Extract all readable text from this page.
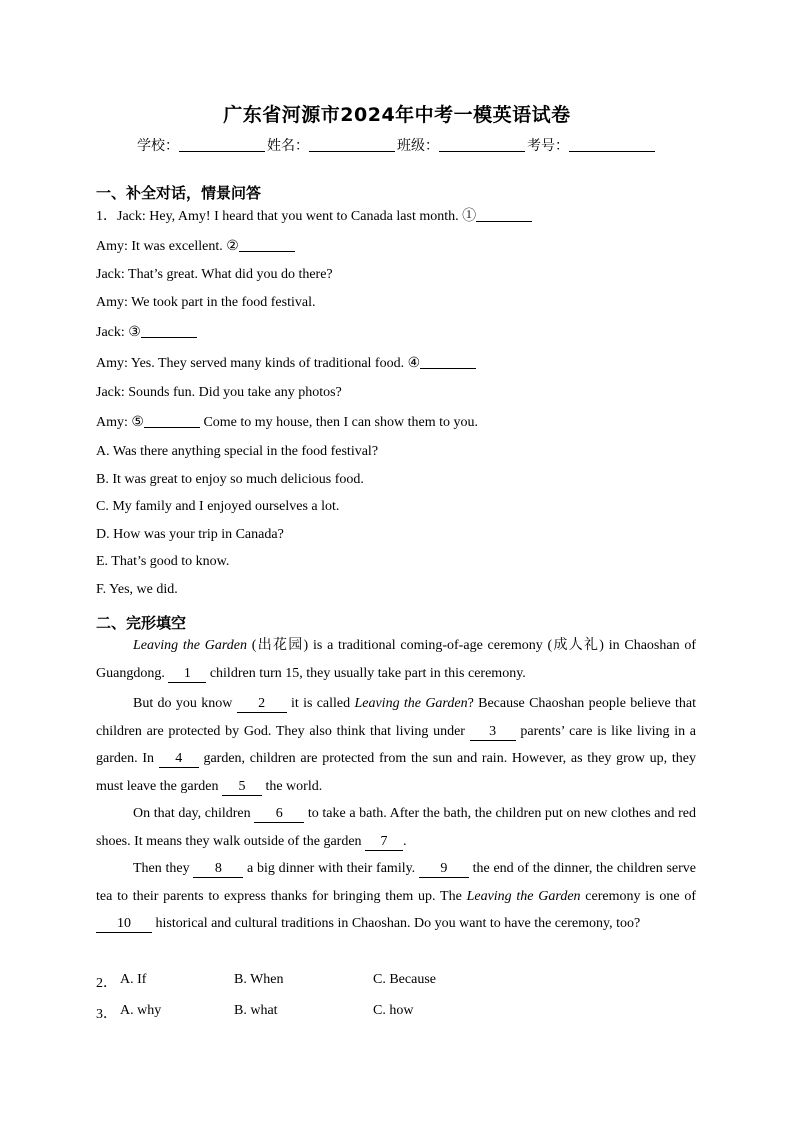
广东省河源市2024年中考一模英语试卷
学校：	姓名：	班级：	考号：
一、补全对话，情景问答
1．Jack: Hey, Amy! I heard that you went to Canada last month. ①
Amy: It was excellent. ②
Jack: That’s great. What did you do there?
Amy: We took part in the food festival.
Jack: ③
Amy: Yes. They served many kinds of traditional food. ④
Jack: Sounds fun. Did you take any photos?
Amy: ⑤	Come to my house, then I can show them to you.
A. Was there anything special in the food festival?
B. It was great to enjoy so much delicious food.
C. My family and I enjoyed ourselves a lot.
D. How was your trip in Canada?
E. That’s good to know.
F. Yes, we did.
二、完形填空
Leaving the Garden (出花园) is a traditional coming-of-age ceremony (成人礼) in Chaoshan of Guangdong. 1 children turn 15, they usually take part in this ceremony.
But do you know 2 it is called Leaving the Garden? Because Chaoshan people believe that children are protected by God. They also think that living under 3 parents’ care is like living in a garden. In 4 garden, children are protected from the sun and rain. However, as they grow up, they must leave the garden 5 the world.
On that day, children 6 to take a bath. After the bath, the children put on new clothes and red shoes. It means they walk outside of the garden 7 .
Then they 8 a big dinner with their family. 9 the end of the dinner, the children serve tea to their parents to express thanks for bringing them up. The Leaving the Garden ceremony is one of 10 historical and cultural traditions in Chaoshan. Do you want to have the ceremony, too?
2． A. If	B. When	C. Because
3． A. why	B. what	C. how
